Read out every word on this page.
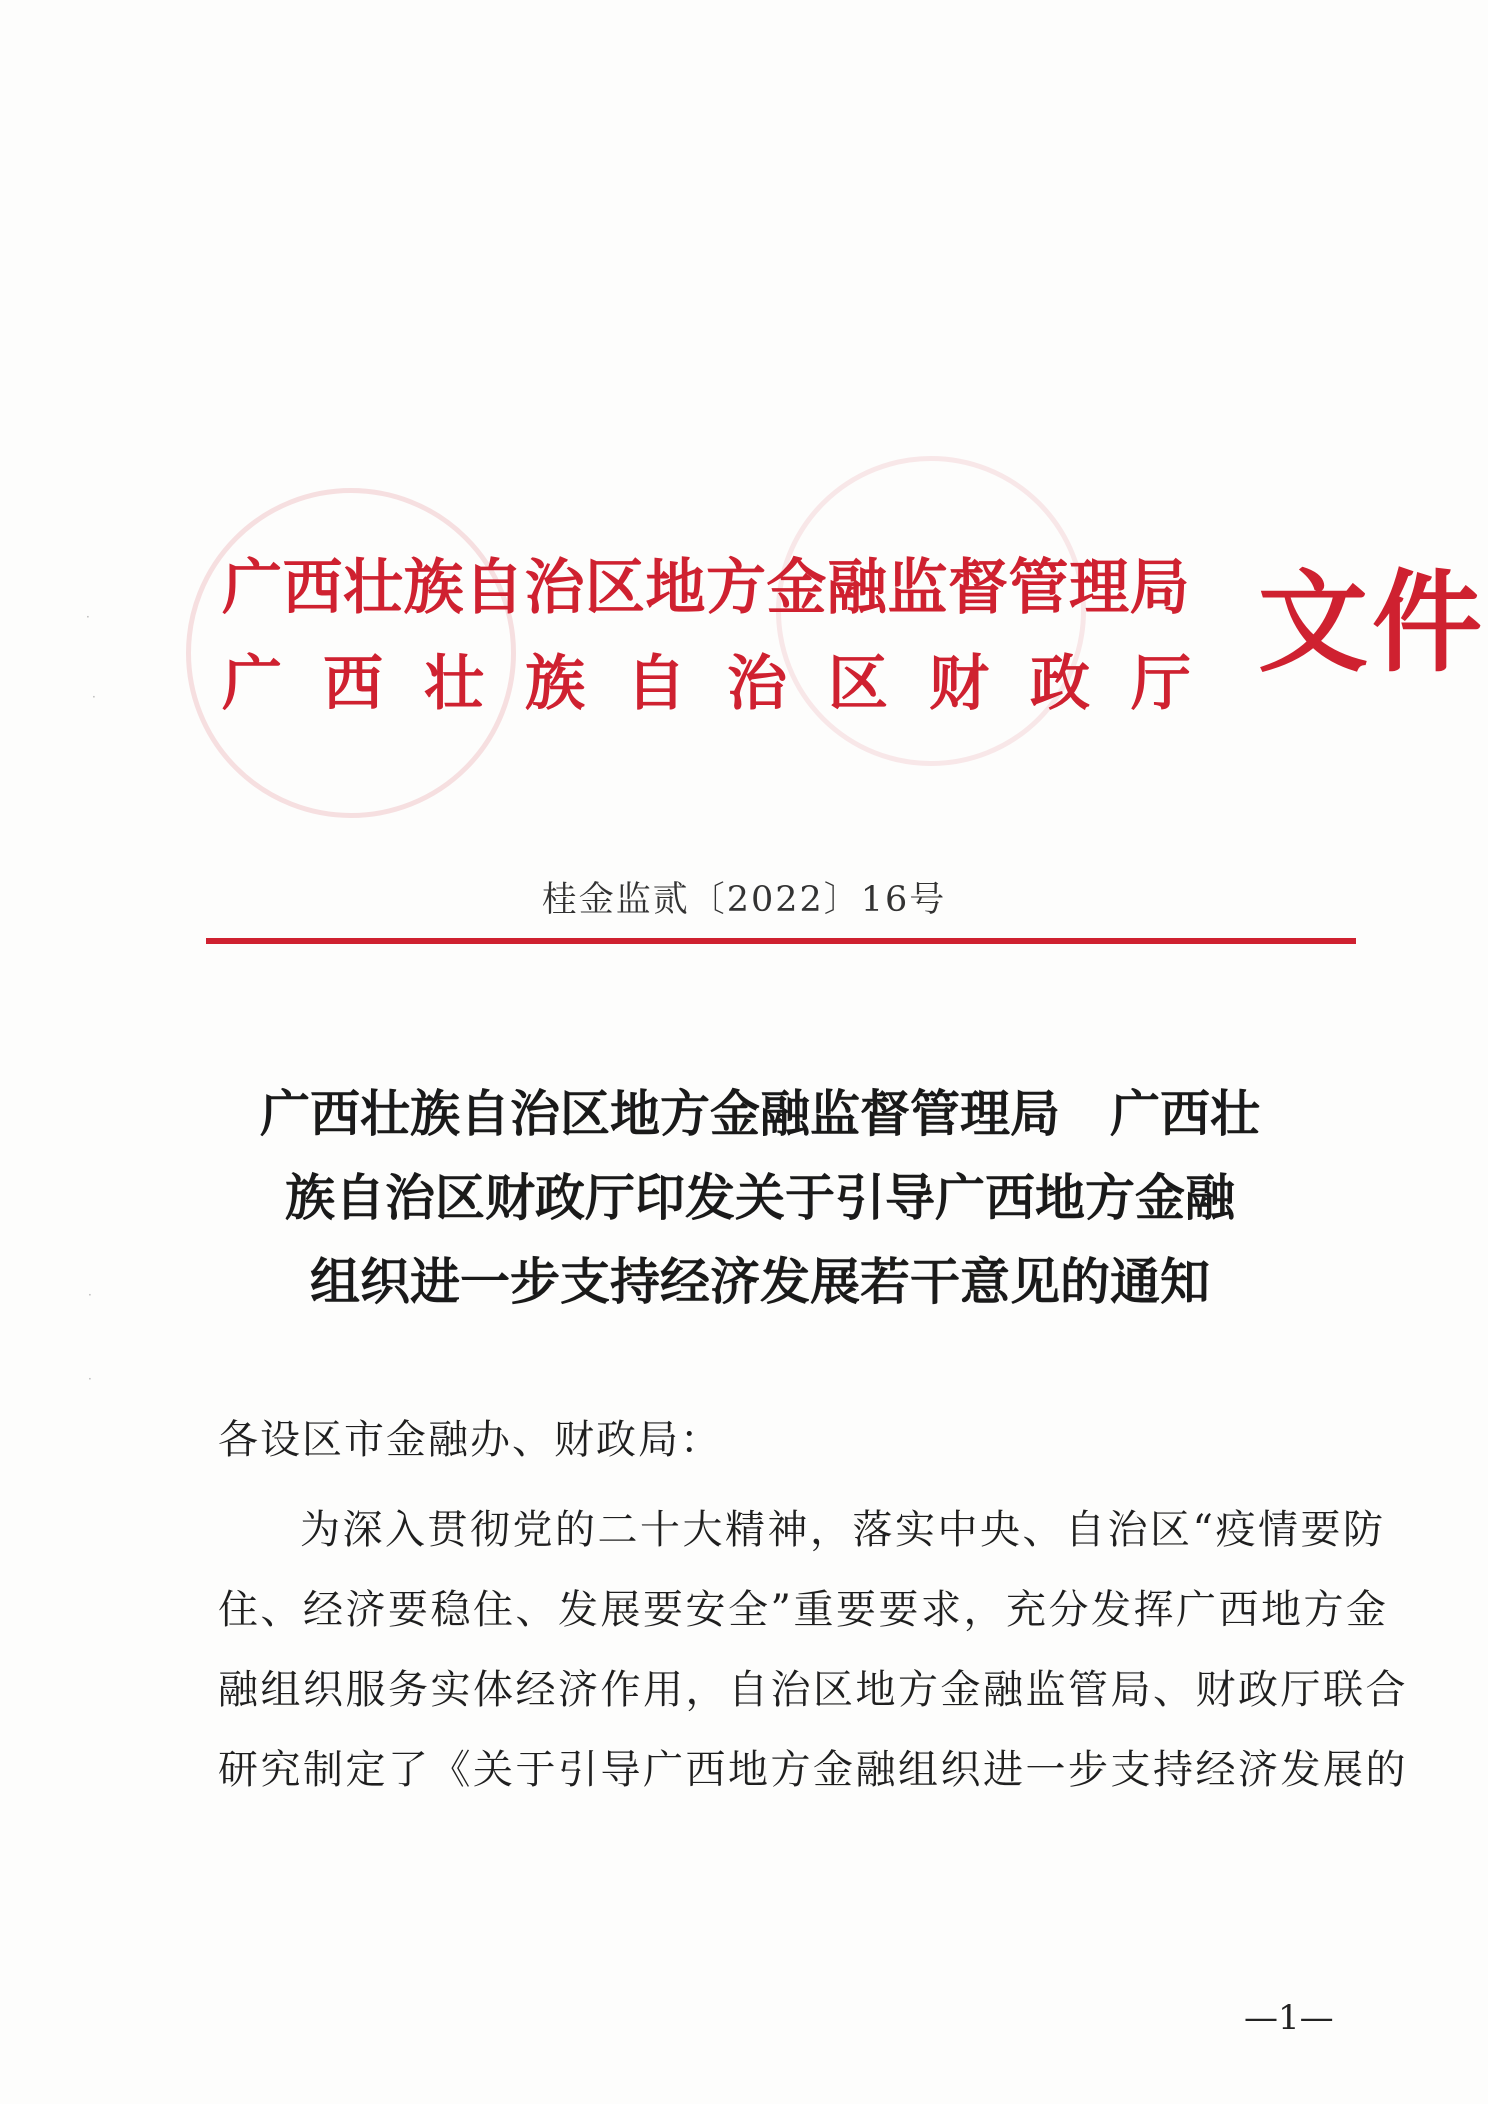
广西壮族自治区地方金融监督管理局
广西壮族自治区财政厅 文件
桂金监贰〔2022〕16号
广西壮族自治区地方金融监督管理局　广西壮
族自治区财政厅印发关于引导广西地方金融
组织进一步支持经济发展若干意见的通知
各设区市金融办、财政局：
为深入贯彻党的二十大精神，落实中央、自治区“疫情要防
住、经济要稳住、发展要安全”重要要求，充分发挥广西地方金
融组织服务实体经济作用，自治区地方金融监管局、财政厅联合
研究制定了《关于引导广西地方金融组织进一步支持经济发展的
—1—
·
·
·
·
